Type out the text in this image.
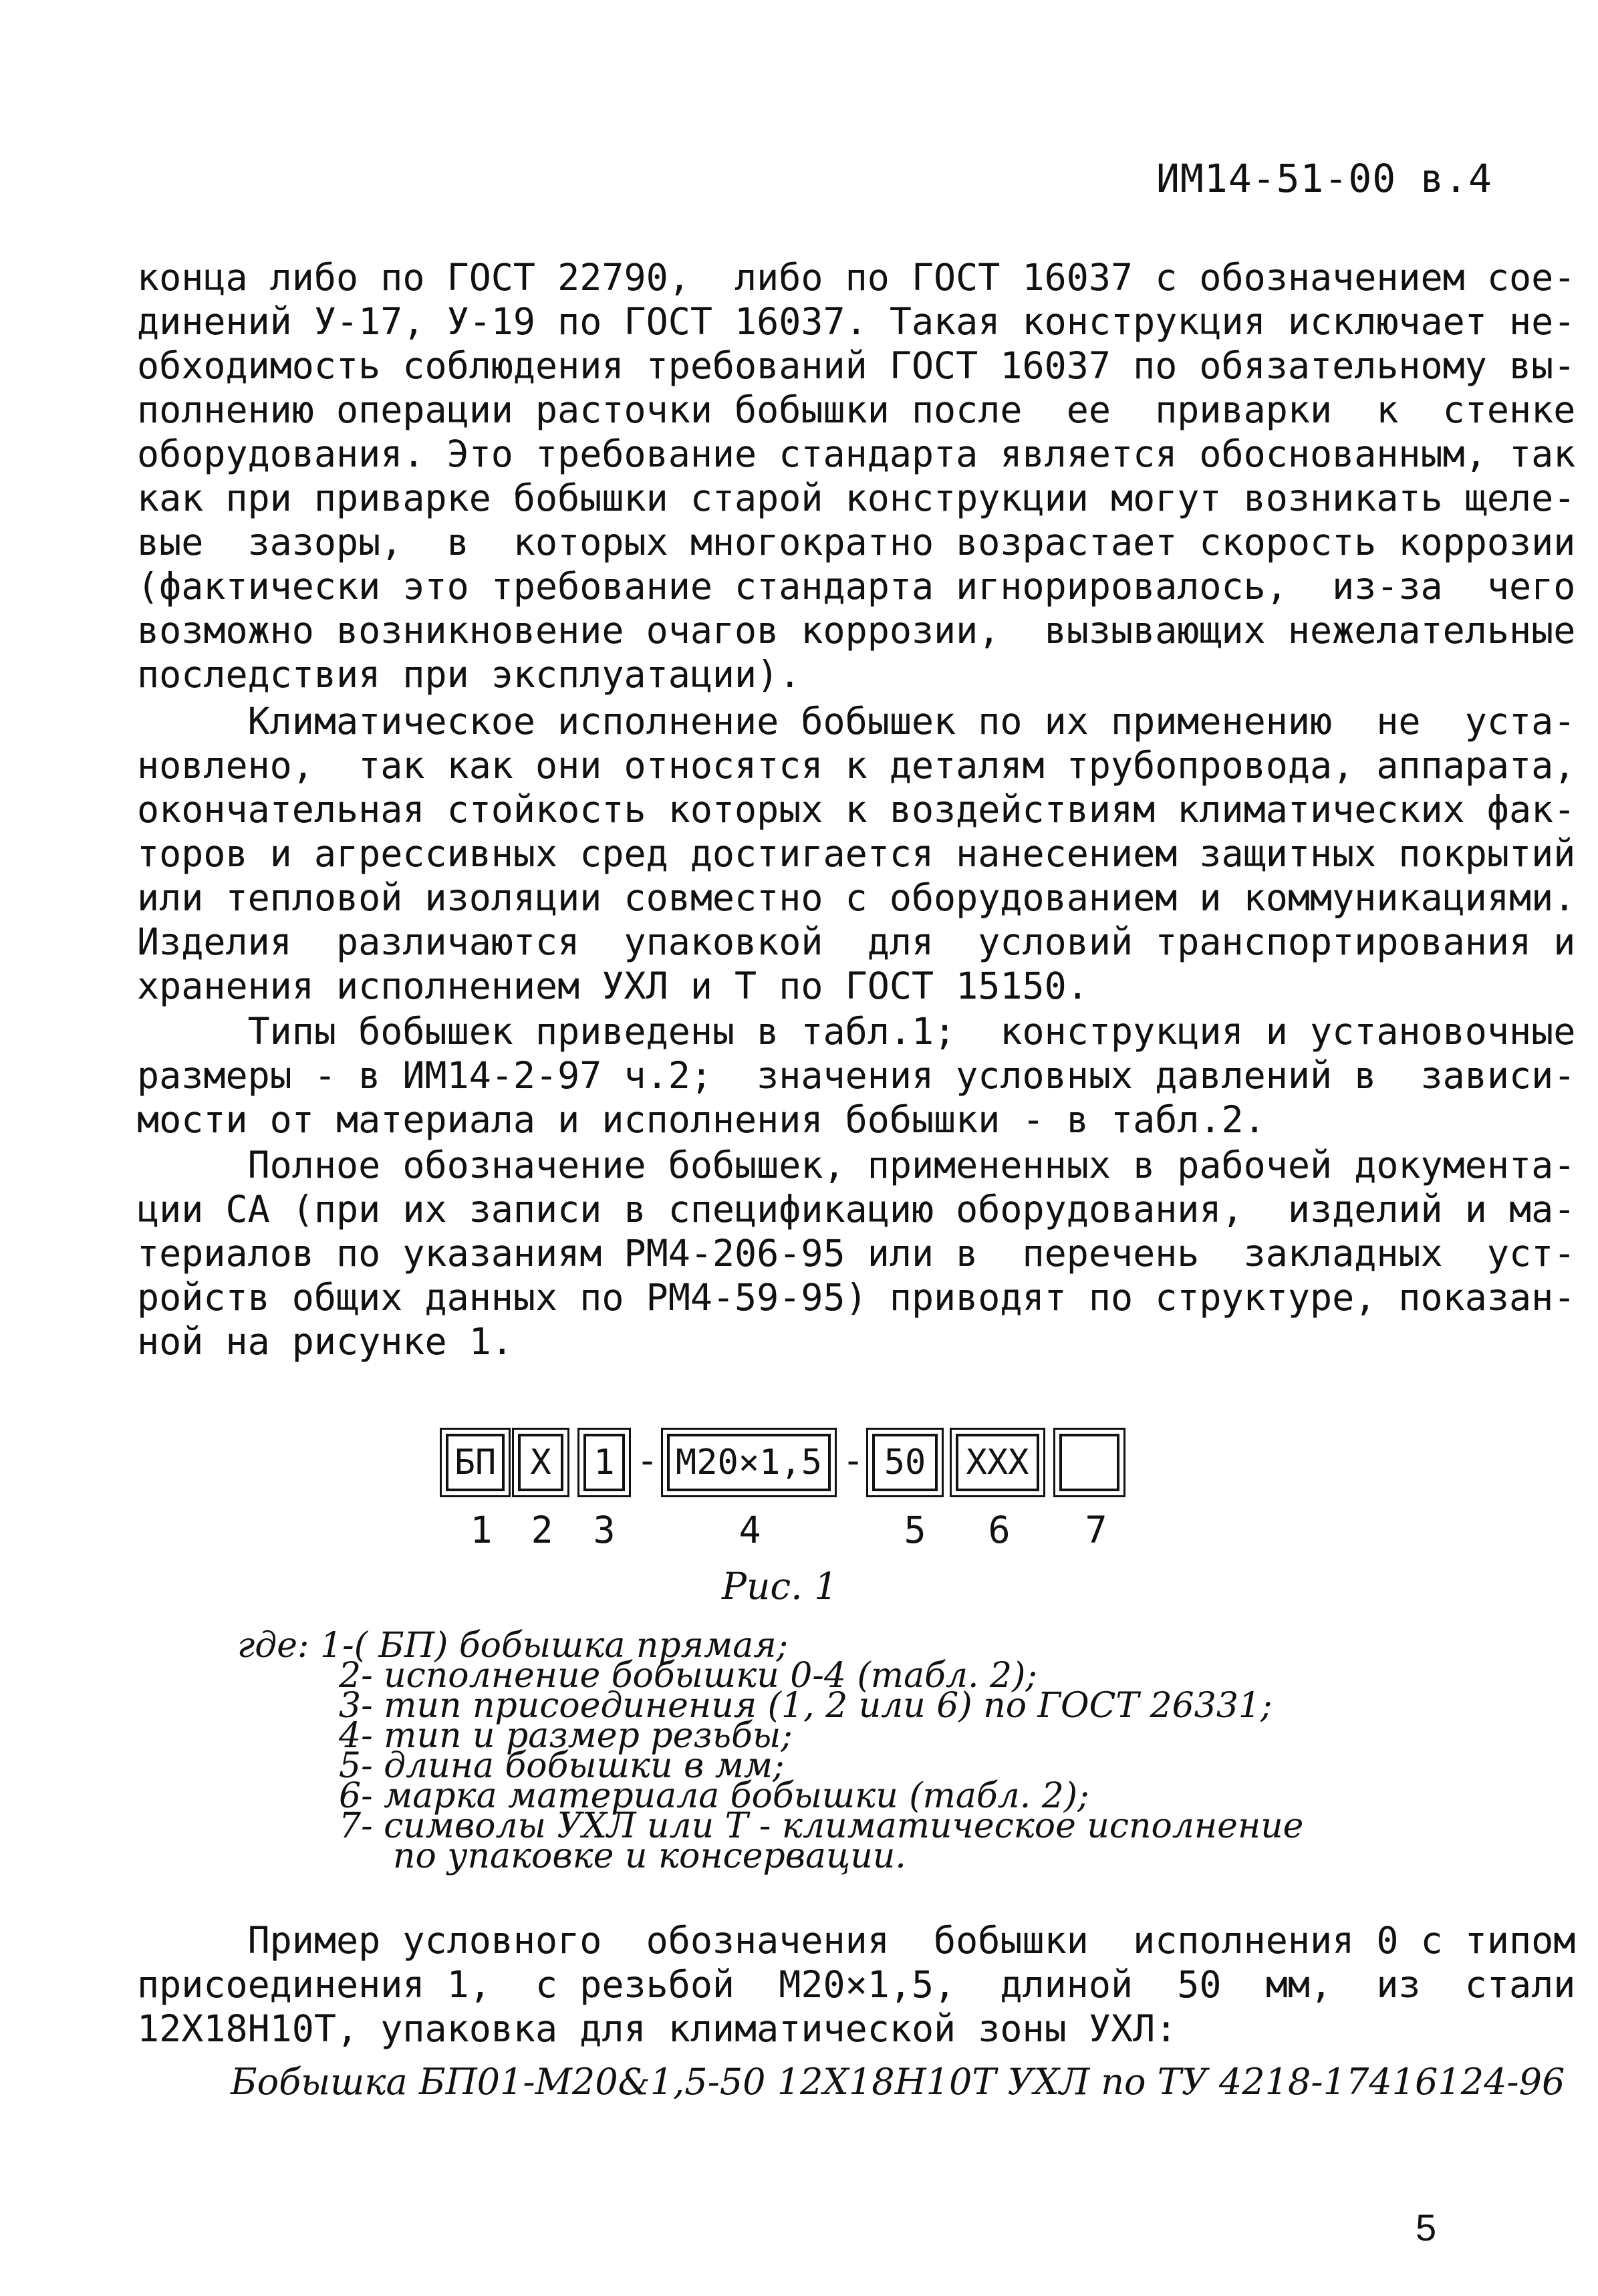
ИМ14-51-00 в.4
конца либо по ГОСТ 22790,  либо по ГОСТ 16037 с обозначением сое-
динений У-17, У-19 по ГОСТ 16037. Такая конструкция исключает не-
обходимость соблюдения требований ГОСТ 16037 по обязательному вы-
полнению операции расточки бобышки после  ее  приварки  к  стенке
оборудования. Это требование стандарта является обоснованным, так
как при приварке бобышки старой конструкции могут возникать щеле-
вые  зазоры,  в  которых многократно возрастает скорость коррозии
(фактически это требование стандарта игнорировалось,  из-за  чего
возможно возникновение очагов коррозии,  вызывающих нежелательные
последствия при эксплуатации).
Климатическое исполнение бобышек по их применению  не  уста-
новлено,  так как они относятся к деталям трубопровода, аппарата,
окончательная стойкость которых к воздействиям климатических фак-
торов и агрессивных сред достигается нанесением защитных покрытий
или тепловой изоляции совместно с оборудованием и коммуникациями.
Изделия  различаются  упаковкой  для  условий транспортирования и
хранения исполнением УХЛ и Т по ГОСТ 15150.
Типы бобышек приведены в табл.1;  конструкция и установочные
размеры - в ИМ14-2-97 ч.2;  значения условных давлений в  зависи-
мости от материала и исполнения бобышки - в табл.2.
Полное обозначение бобышек, примененных в рабочей документа-
ции СА (при их записи в спецификацию оборудования,  изделий и ма-
териалов по указаниям РМ4-206-95 или в  перечень  закладных  уст-
ройств общих данных по РМ4-59-95) приводят по структуре, показан-
ной на рисунке 1.
БП Х	1 - М20×1,5 - 50	ХХХ
1 2 3	4	5 6 7
Рис. 1
где: 1-( БП) бобышка прямая;
2- исполнение бобышки 0-4 (табл. 2);
3- тип присоединения (1, 2 или 6) по ГОСТ 26331;
4- тип и размер резьбы;
5- длина бобышки в мм;
6- марка материала бобышки (табл. 2);
7- символы УХЛ или Т - климатическое исполнение
по упаковке и консервации.
Пример условного  обозначения  бобышки  исполнения 0 с типом
присоединения 1,  с резьбой  М20×1,5,  длиной  50  мм,  из  стали
12Х18Н10Т, упаковка для климатической зоны УХЛ:
Бобышка БП01-М20&1,5-50 12Х18Н10Т УХЛ по ТУ 4218-17416124-96
5
